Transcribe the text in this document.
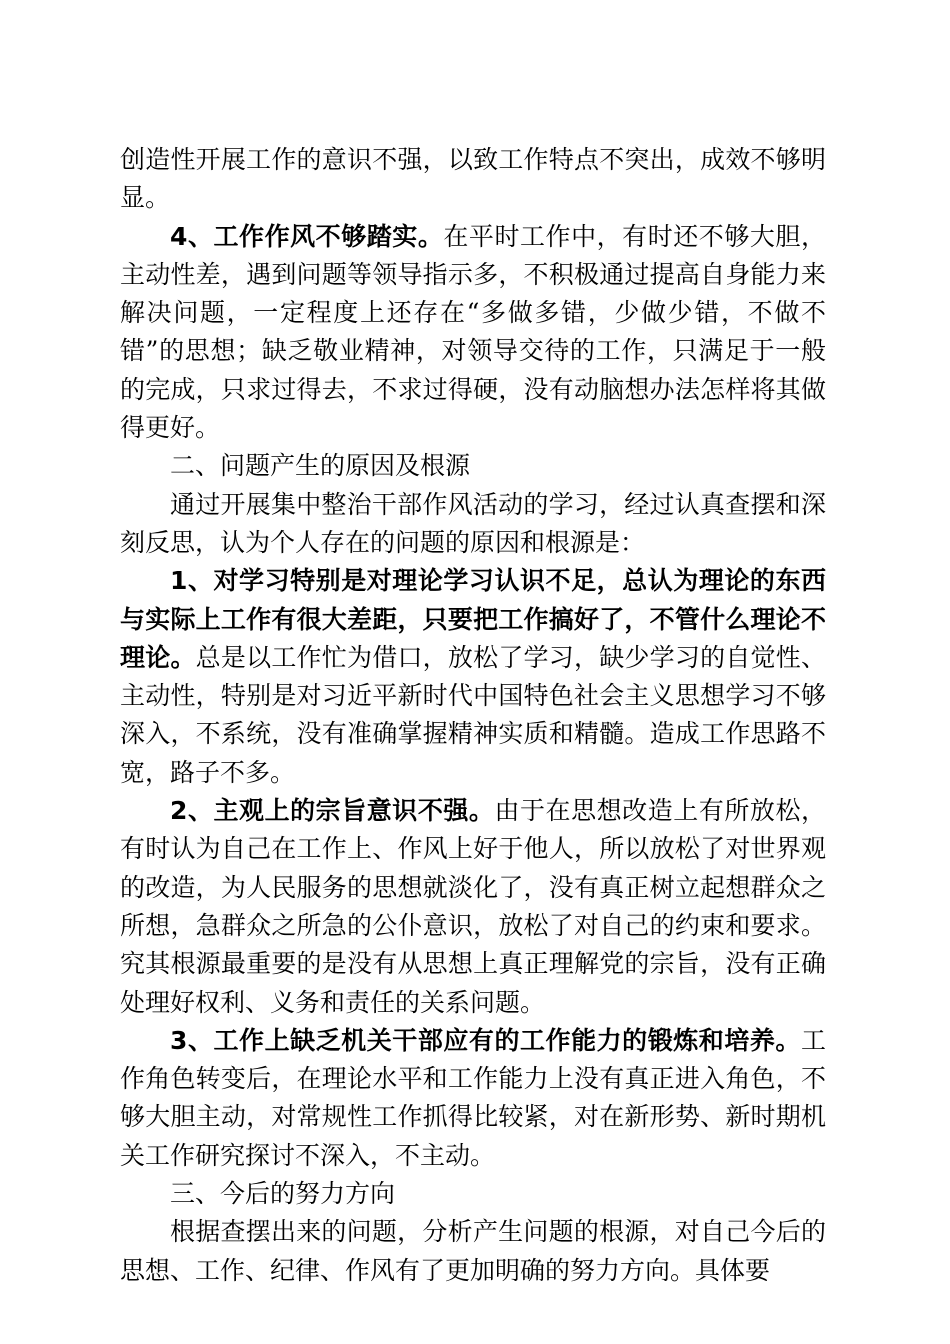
创造性开展工作的意识不强，以致工作特点不突出，成效不够明显。

4、工作作风不够踏实。在平时工作中，有时还不够大胆，主动性差，遇到问题等领导指示多，不积极通过提高自身能力来解决问题，一定程度上还存在“多做多错，少做少错，不做不错”的思想；缺乏敬业精神，对领导交待的工作，只满足于一般的完成，只求过得去，不求过得硬，没有动脑想办法怎样将其做得更好。

二、问题产生的原因及根源

通过开展集中整治干部作风活动的学习，经过认真查摆和深刻反思，认为个人存在的问题的原因和根源是：

1、对学习特别是对理论学习认识不足，总认为理论的东西与实际上工作有很大差距，只要把工作搞好了，不管什么理论不理论。总是以工作忙为借口，放松了学习，缺少学习的自觉性、主动性，特别是对习近平新时代中国特色社会主义思想学习不够深入，不系统，没有准确掌握精神实质和精髓。造成工作思路不宽，路子不多。

2、主观上的宗旨意识不强。由于在思想改造上有所放松，有时认为自己在工作上、作风上好于他人，所以放松了对世界观的改造，为人民服务的思想就淡化了，没有真正树立起想群众之所想，急群众之所急的公仆意识，放松了对自己的约束和要求。究其根源最重要的是没有从思想上真正理解党的宗旨，没有正确处理好权利、义务和责任的关系问题。

3、工作上缺乏机关干部应有的工作能力的锻炼和培养。工作角色转变后，在理论水平和工作能力上没有真正进入角色，不够大胆主动，对常规性工作抓得比较紧，对在新形势、新时期机关工作研究探讨不深入，不主动。

三、今后的努力方向

根据查摆出来的问题，分析产生问题的根源，对自己今后的思想、工作、纪律、作风有了更加明确的努力方向。具体要
